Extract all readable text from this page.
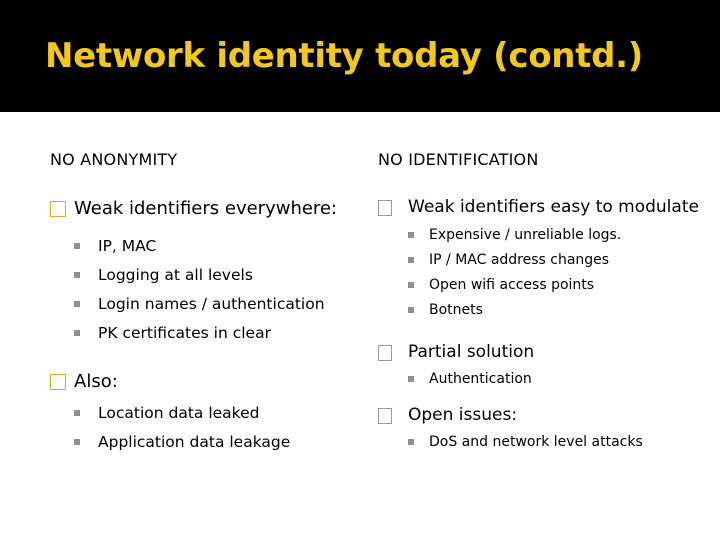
Network identity today (contd.)
NO ANONYMITY
Weak identifiers everywhere:
IP, MAC
Logging at all levels
Login names / authentication
PK certificates in clear
Also:
Location data leaked
Application data leakage
NO IDENTIFICATION
Weak identifiers easy to modulate
Expensive / unreliable logs.
IP / MAC address changes
Open wifi access points
Botnets
Partial solution
Authentication
Open issues:
DoS and network level attacks
